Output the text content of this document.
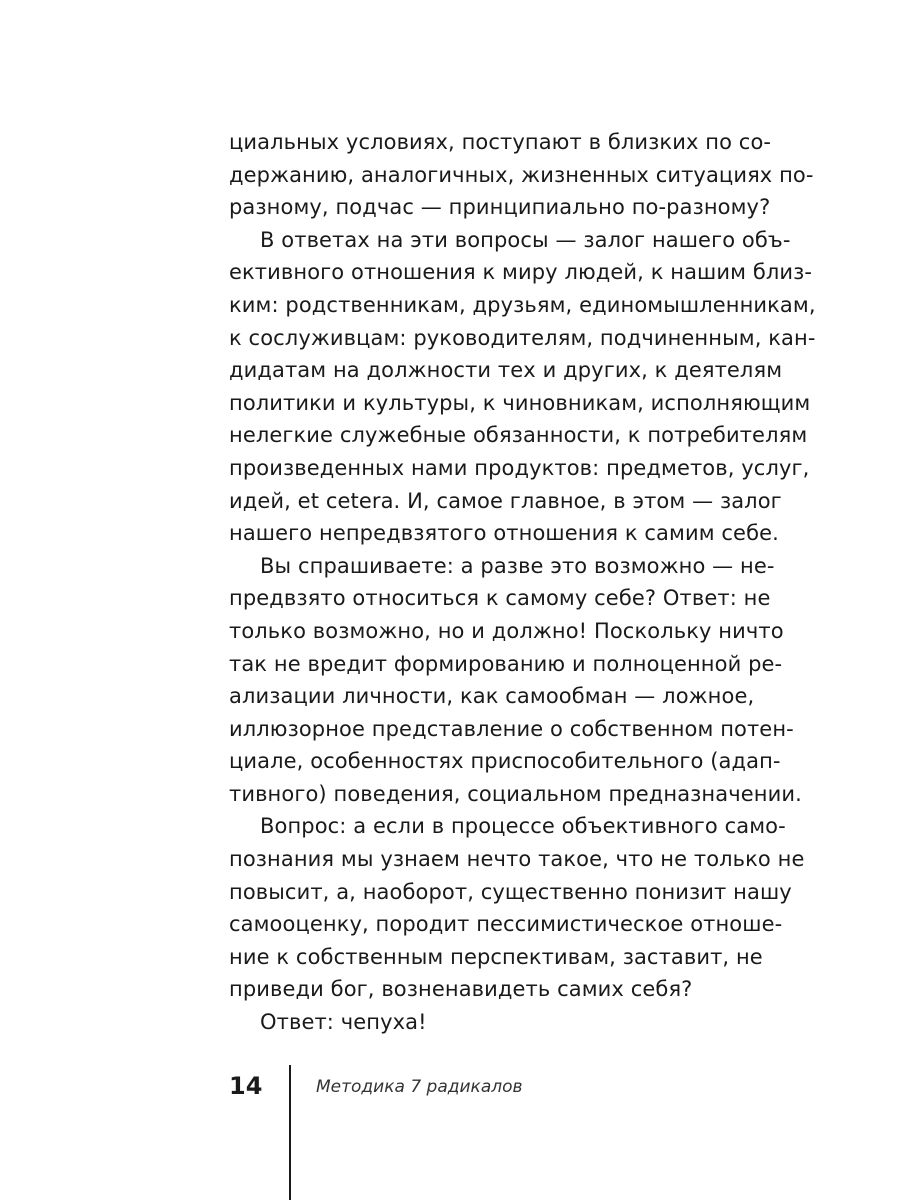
циальных условиях, поступают в близких по со-
держанию, аналогичных, жизненных ситуациях по-
разному, подчас — принципиально по-разному?
В ответах на эти вопросы — залог нашего объ-
ективного отношения к миру людей, к нашим близ-
ким: родственникам, друзьям, единомышленникам,
к сослуживцам: руководителям, подчиненным, кан-
дидатам на должности тех и других, к деятелям
политики и культуры, к чиновникам, исполняющим
нелегкие служебные обязанности, к потребителям
произведенных нами продуктов: предметов, услуг,
идей, et cetera. И, самое главное, в этом — залог
нашего непредвзятого отношения к самим себе.
Вы спрашиваете: а разве это возможно — не-
предвзято относиться к самому себе? Ответ: не
только возможно, но и должно! Поскольку ничто
так не вредит формированию и полноценной ре-
ализации личности, как самообман — ложное,
иллюзорное представление о собственном потен-
циале, особенностях приспособительного (адап-
тивного) поведения, социальном предназначении.
Вопрос: а если в процессе объективного само-
познания мы узнаем нечто такое, что не только не
повысит, а, наоборот, существенно понизит нашу
самооценку, породит пессимистическое отноше-
ние к собственным перспективам, заставит, не
приведи бог, возненавидеть самих себя?
Ответ: чепуха!
14	Методика 7 радикалов
